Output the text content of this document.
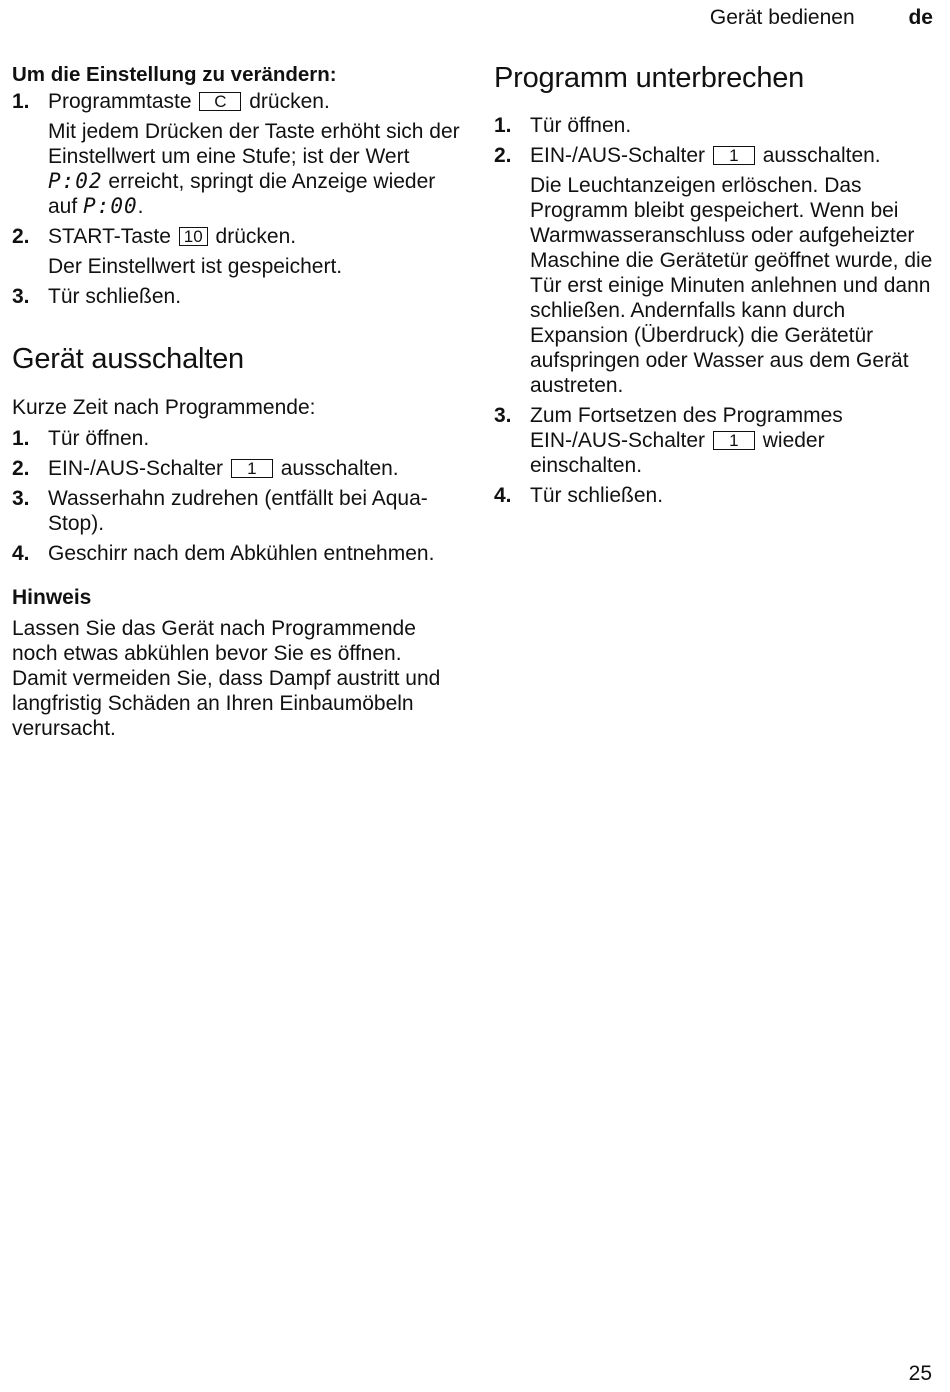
Gerät bedienen	de
Um die Einstellung zu verändern:
1. Programmtaste C drücken.
Mit jedem Drücken der Taste erhöht sich der Einstellwert um eine Stufe; ist der Wert P:02 erreicht, springt die Anzeige wieder auf P:00.
2. START-Taste 10 drücken.
Der Einstellwert ist gespeichert.
3. Tür schließen.
Gerät ausschalten
Kurze Zeit nach Programmende:
1. Tür öffnen.
2. EIN-/AUS-Schalter 1 ausschalten.
3. Wasserhahn zudrehen (entfällt bei Aqua-Stop).
4. Geschirr nach dem Abkühlen entnehmen.
Hinweis
Lassen Sie das Gerät nach Programmende noch etwas abkühlen bevor Sie es öffnen. Damit vermeiden Sie, dass Dampf austritt und langfristig Schäden an Ihren Einbaumöbeln verursacht.
Programm unterbrechen
1. Tür öffnen.
2. EIN-/AUS-Schalter 1 ausschalten.
Die Leuchtanzeigen erlöschen. Das Programm bleibt gespeichert. Wenn bei Warmwasseranschluss oder aufgeheizter Maschine die Gerätetür geöffnet wurde, die Tür erst einige Minuten anlehnen und dann schließen. Andernfalls kann durch Expansion (Überdruck) die Gerätetür aufspringen oder Wasser aus dem Gerät austreten.
3. Zum Fortsetzen des Programmes EIN-/AUS-Schalter 1 wieder einschalten.
4. Tür schließen.
25
